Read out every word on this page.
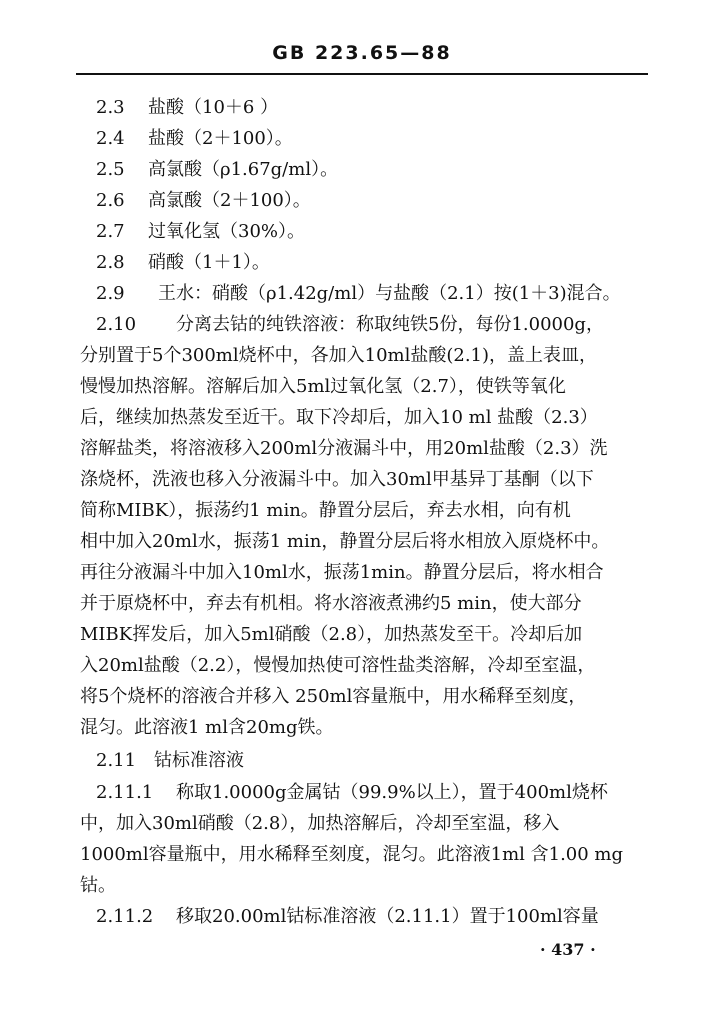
GB 223.65—88
2.3 盐酸（10＋6 ）
2.4 盐酸（2＋100）。
2.5 高氯酸（ρ1.67g/ml）。
2.6 高氯酸（2＋100）。
2.7 过氧化氢（30%）。
2.8 硝酸（1＋1）。
2.9 王水：硝酸（ρ1.42g/ml）与盐酸（2.1）按(1＋3)混合。
2.10 分离去钴的纯铁溶液：称取纯铁5份，每份1.0000g，
分别置于5个300ml烧杯中，各加入10ml盐酸(2.1)，盖上表皿，
慢慢加热溶解。溶解后加入5ml过氧化氢（2.7），使铁等氧化
后，继续加热蒸发至近干。取下冷却后，加入10 ml 盐酸（2.3）
溶解盐类，将溶液移入200ml分液漏斗中，用20ml盐酸（2.3）洗
涤烧杯，洗液也移入分液漏斗中。加入30ml甲基异丁基酮（以下
简称MIBK），振荡约1 min。静置分层后，弃去水相，向有机
相中加入20ml水，振荡1 min，静置分层后将水相放入原烧杯中。
再往分液漏斗中加入10ml水，振荡1min。静置分层后，将水相合
并于原烧杯中，弃去有机相。将水溶液煮沸约5 min，使大部分
MIBK挥发后，加入5ml硝酸（2.8），加热蒸发至干。冷却后加
入20ml盐酸（2.2），慢慢加热使可溶性盐类溶解，冷却至室温，
将5个烧杯的溶液合并移入 250ml容量瓶中，用水稀释至刻度，
混匀。此溶液1 ml含20mg铁。
2.11 钴标准溶液
2.11.1 称取1.0000g金属钴（99.9%以上），置于400ml烧杯
中，加入30ml硝酸（2.8），加热溶解后，冷却至室温，移入
1000ml容量瓶中，用水稀释至刻度，混匀。此溶液1ml 含1.00 mg
钴。
2.11.2 移取20.00ml钴标准溶液（2.11.1）置于100ml容量
· 437 ·
